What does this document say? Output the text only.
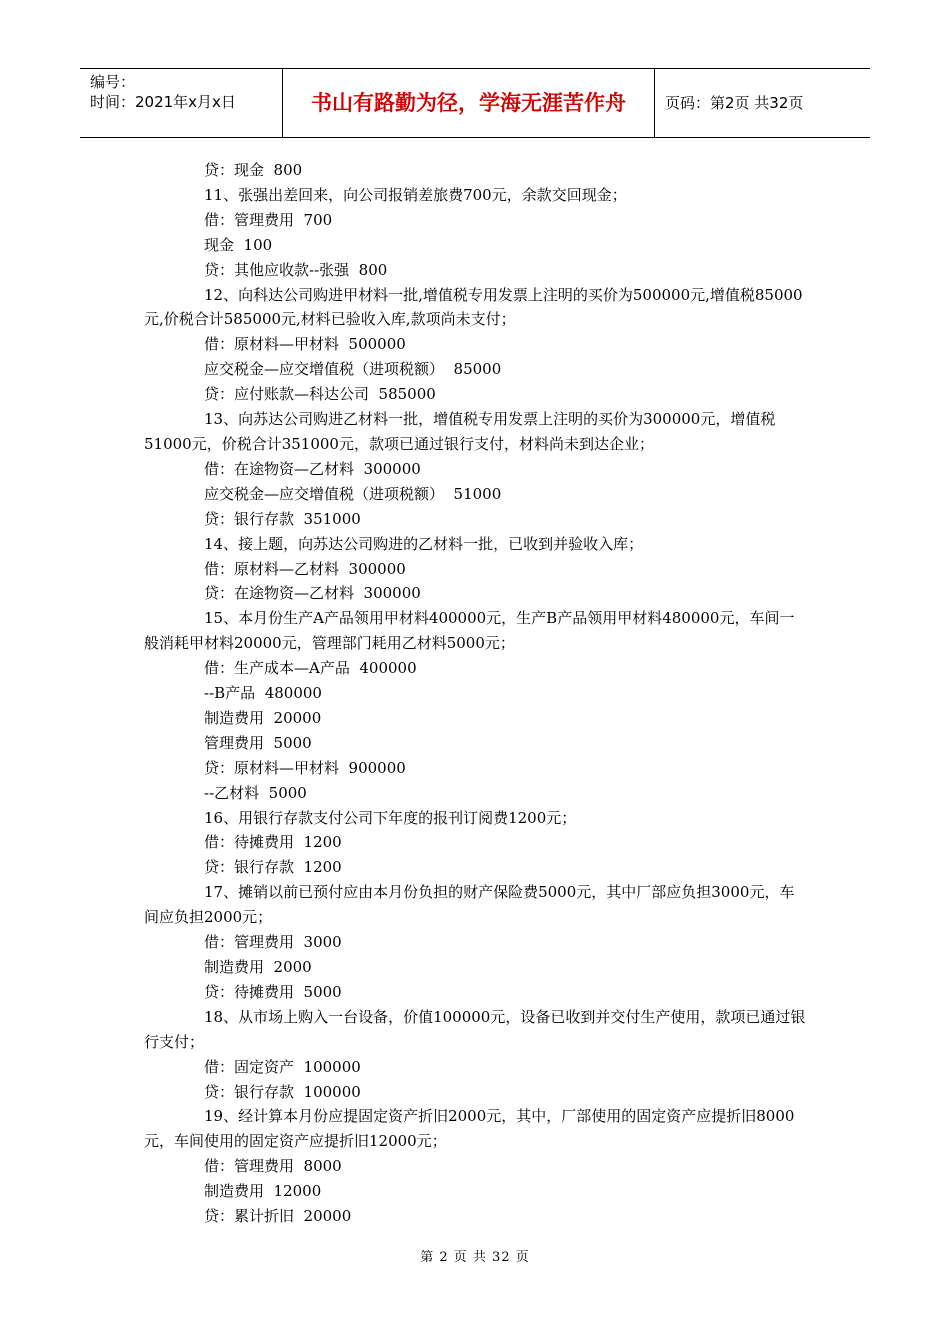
编号：
时间：2021年x月x日	书山有路勤为径，学海无涯苦作舟	页码：第2页 共32页

贷：现金  800

11、张强出差回来，向公司报销差旅费700元，余款交回现金；

借：管理费用  700

现金  100

贷：其他应收款--张强  800

12、向科达公司购进甲材料一批,增值税专用发票上注明的买价为500000元,增值税85000元,价税合计585000元,材料已验收入库,款项尚未支付；

借：原材料—甲材料  500000

应交税金—应交增值税（进项税额）  85000

贷：应付账款—科达公司  585000

13、向苏达公司购进乙材料一批，增值税专用发票上注明的买价为300000元，增值税51000元，价税合计351000元，款项已通过银行支付，材料尚未到达企业；

借：在途物资—乙材料  300000

应交税金—应交增值税（进项税额）  51000

贷：银行存款  351000

14、接上题，向苏达公司购进的乙材料一批，已收到并验收入库；

借：原材料—乙材料  300000

贷：在途物资—乙材料  300000

15、本月份生产A产品领用甲材料400000元，生产B产品领用甲材料480000元，车间一般消耗甲材料20000元，管理部门耗用乙材料5000元；

借：生产成本—A产品  400000

--B产品  480000

制造费用  20000

管理费用  5000

贷：原材料—甲材料  900000

--乙材料  5000

16、用银行存款支付公司下年度的报刊订阅费1200元；

借：待摊费用  1200

贷：银行存款  1200

17、摊销以前已预付应由本月份负担的财产保险费5000元，其中厂部应负担3000元，车间应负担2000元；

借：管理费用  3000

制造费用  2000

贷：待摊费用  5000

18、从市场上购入一台设备，价值100000元，设备已收到并交付生产使用，款项已通过银行支付；

借：固定资产  100000

贷：银行存款  100000

19、经计算本月份应提固定资产折旧2000元，其中，厂部使用的固定资产应提折旧8000元，车间使用的固定资产应提折旧12000元；

借：管理费用  8000

制造费用  12000

贷：累计折旧  20000

第 2 页 共 32 页
